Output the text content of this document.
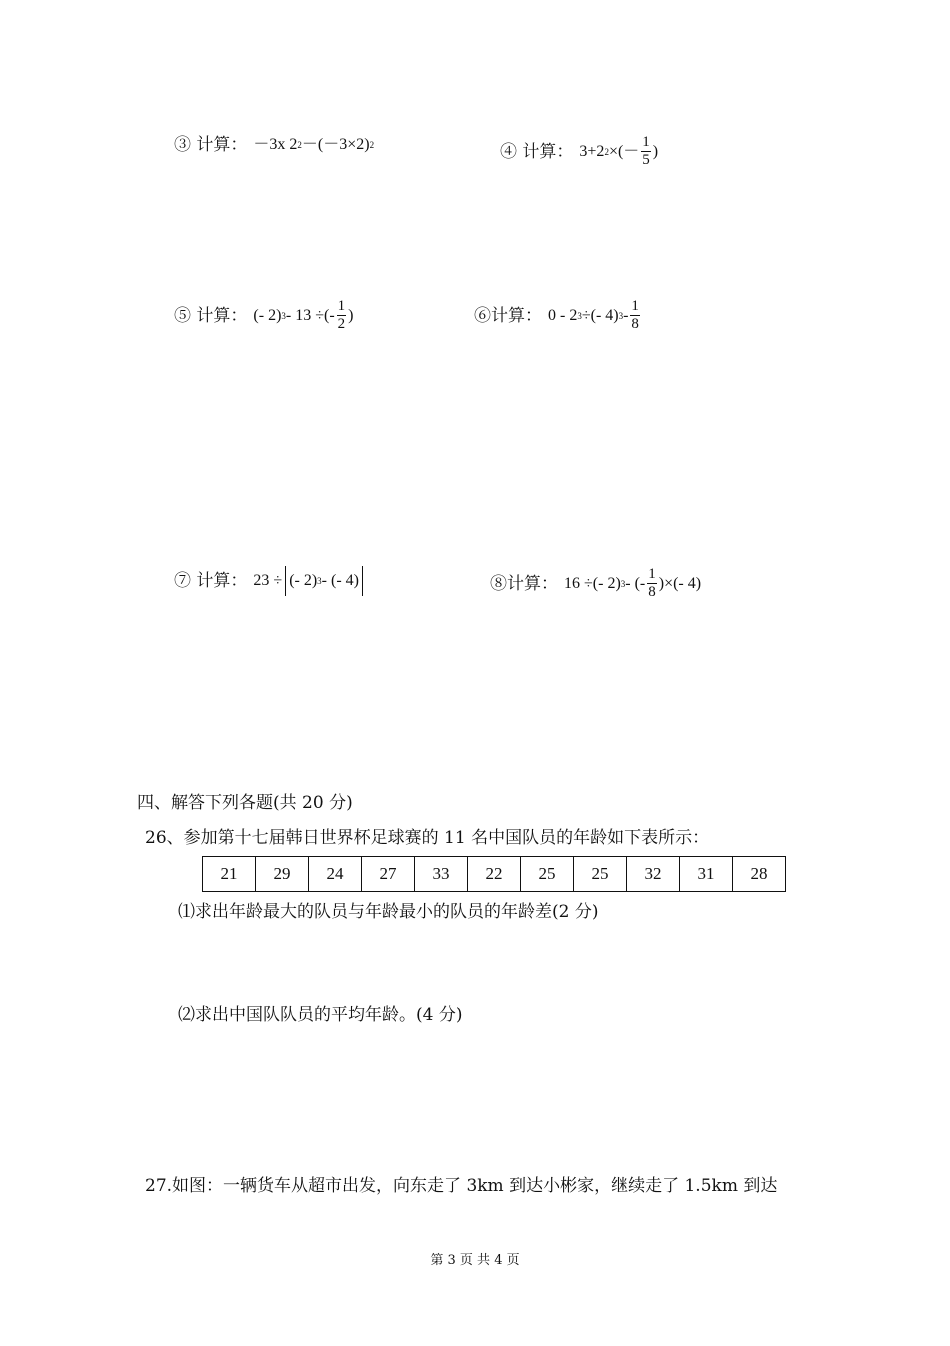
③ 计算： －3x 2 2 －(－3×2) 2	④ 计算： 3+2 2 ×(－ $\frac{1}{5}$ )
⑤ 计算： (- 2) 3 - 13 ÷(- $\frac{1}{2}$ )	⑥计算： 0 - 2 3 ÷(- 4) $3 - \frac{1}{8}$
⑦ 计算： 23 ÷ (- 2) 3 - (- 4)	⑧计算： 16 ÷(- 2) 3 - (- $\frac{1}{8}$ )×(- 4)
四、解答下列各题(共 20 分)
26、参加第十七届韩日世界杯足球赛的 11 名中国队员的年龄如下表所示：
21	29	24	27	33	22	25	25	32	31	28
⑴求出年龄最大的队员与年龄最小的队员的年龄差(2 分)
⑵求出中国队队员的平均年龄。(4 分)
27.如图：一辆货车从超市出发，向东走了 3km 到达小彬家，继续走了 1.5km 到达
第 3 页 共 4 页
